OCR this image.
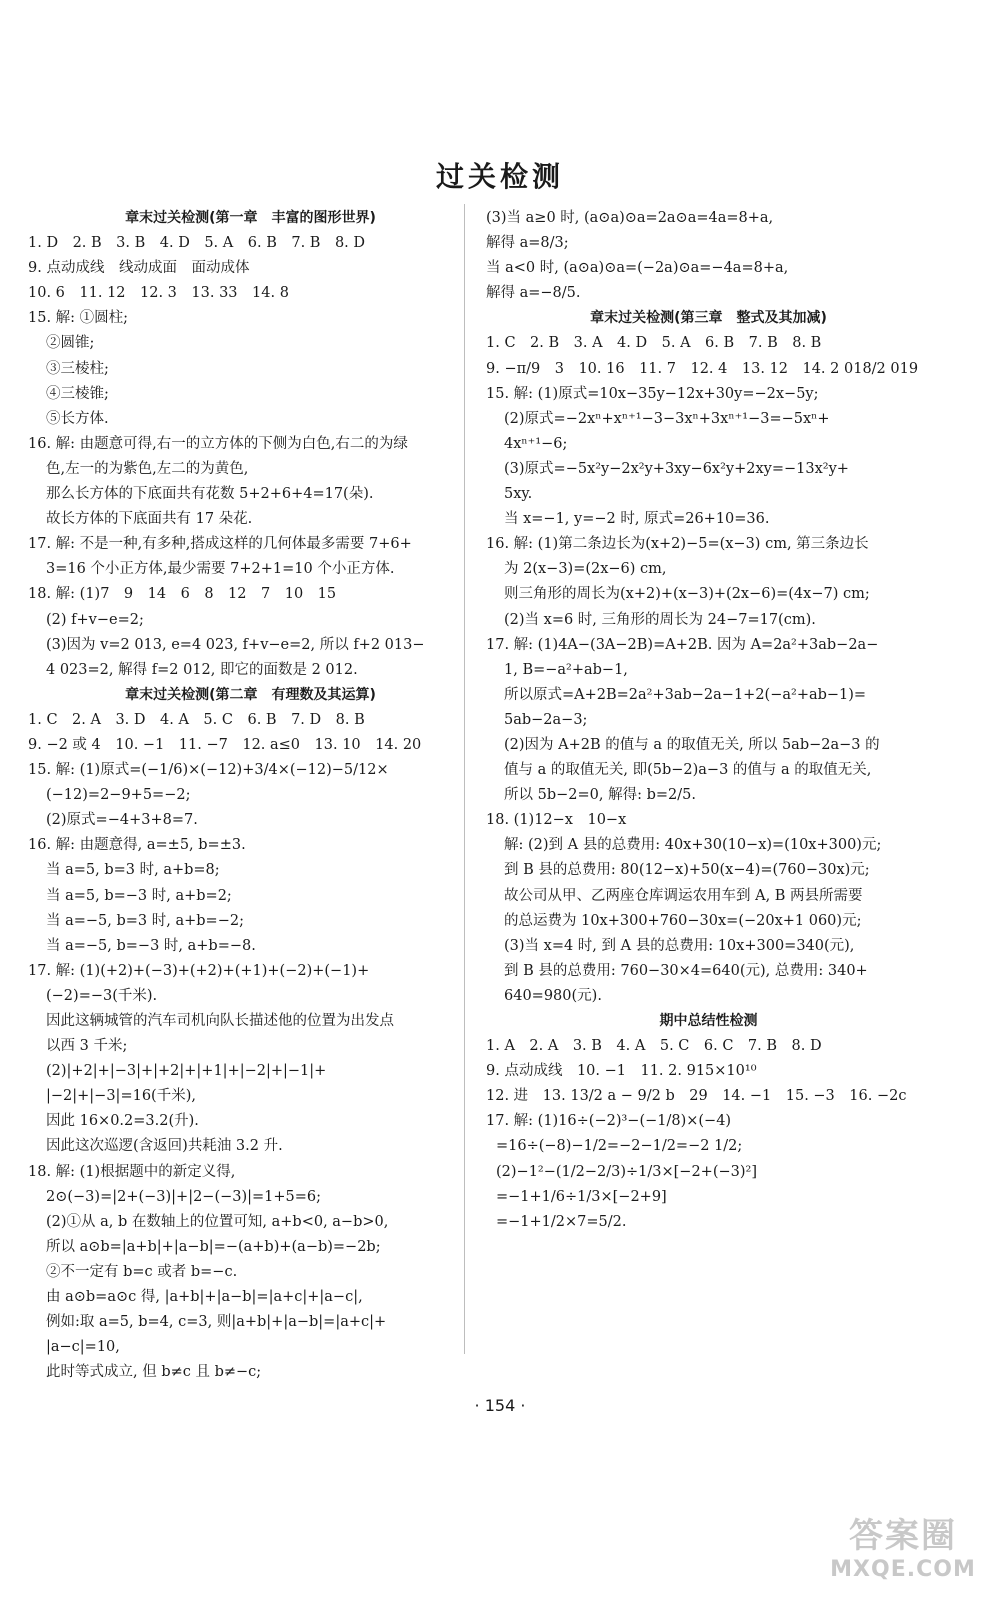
过关检测
章末过关检测(第一章　丰富的图形世界)
1. D　2. B　3. B　4. D　5. A　6. B　7. B　8. D
9. 点动成线　线动成面　面动成体
10. 6　11. 12　12. 3　13. 33　14. 8
15. 解: ①圆柱;
②圆锥;
③三棱柱;
④三棱锥;
⑤长方体.
16. 解: 由题意可得,右一的立方体的下侧为白色,右二的为绿
色,左一的为紫色,左二的为黄色,
那么长方体的下底面共有花数 5+2+6+4=17(朵).
故长方体的下底面共有 17 朵花.
17. 解: 不是一种,有多种,搭成这样的几何体最多需要 7+6+
3=16 个小正方体,最少需要 7+2+1=10 个小正方体.
18. 解: (1)7　9　14　6　8　12　7　10　15
(2) f+v−e=2;
(3)因为 v=2 013, e=4 023, f+v−e=2, 所以 f+2 013−
4 023=2, 解得 f=2 012, 即它的面数是 2 012.
章末过关检测(第二章　有理数及其运算)
1. C　2. A　3. D　4. A　5. C　6. B　7. D　8. B
9. −2 或 4　10. −1　11. −7　12. a≤0　13. 10　14. 20
15. 解: (1)原式=(−1/6)×(−12)+3/4×(−12)−5/12×
(−12)=2−9+5=−2;
(2)原式=−4+3+8=7.
16. 解: 由题意得, a=±5, b=±3.
当 a=5, b=3 时, a+b=8;
当 a=5, b=−3 时, a+b=2;
当 a=−5, b=3 时, a+b=−2;
当 a=−5, b=−3 时, a+b=−8.
17. 解: (1)(+2)+(−3)+(+2)+(+1)+(−2)+(−1)+
(−2)=−3(千米).
因此这辆城管的汽车司机向队长描述他的位置为出发点
以西 3 千米;
(2)|+2|+|−3|+|+2|+|+1|+|−2|+|−1|+
|−2|+|−3|=16(千米),
因此 16×0.2=3.2(升).
因此这次巡逻(含返回)共耗油 3.2 升.
18. 解: (1)根据题中的新定义得,
2⊙(−3)=|2+(−3)|+|2−(−3)|=1+5=6;
(2)①从 a, b 在数轴上的位置可知, a+b<0, a−b>0,
所以 a⊙b=|a+b|+|a−b|=−(a+b)+(a−b)=−2b;
②不一定有 b=c 或者 b=−c.
由 a⊙b=a⊙c 得, |a+b|+|a−b|=|a+c|+|a−c|,
例如:取 a=5, b=4, c=3, 则|a+b|+|a−b|=|a+c|+
|a−c|=10,
此时等式成立, 但 b≠c 且 b≠−c;
(3)当 a≥0 时, (a⊙a)⊙a=2a⊙a=4a=8+a,
解得 a=8/3;
当 a<0 时, (a⊙a)⊙a=(−2a)⊙a=−4a=8+a,
解得 a=−8/5.
章末过关检测(第三章　整式及其加减)
1. C　2. B　3. A　4. D　5. A　6. B　7. B　8. B
9. −π/9　3　10. 16　11. 7　12. 4　13. 12　14. 2 018/2 019
15. 解: (1)原式=10x−35y−12x+30y=−2x−5y;
(2)原式=−2xⁿ+xⁿ⁺¹−3−3xⁿ+3xⁿ⁺¹−3=−5xⁿ+
4xⁿ⁺¹−6;
(3)原式=−5x²y−2x²y+3xy−6x²y+2xy=−13x²y+
5xy.
当 x=−1, y=−2 时, 原式=26+10=36.
16. 解: (1)第二条边长为(x+2)−5=(x−3) cm, 第三条边长
为 2(x−3)=(2x−6) cm,
则三角形的周长为(x+2)+(x−3)+(2x−6)=(4x−7) cm;
(2)当 x=6 时, 三角形的周长为 24−7=17(cm).
17. 解: (1)4A−(3A−2B)=A+2B. 因为 A=2a²+3ab−2a−
1, B=−a²+ab−1,
所以原式=A+2B=2a²+3ab−2a−1+2(−a²+ab−1)=
5ab−2a−3;
(2)因为 A+2B 的值与 a 的取值无关, 所以 5ab−2a−3 的
值与 a 的取值无关, 即(5b−2)a−3 的值与 a 的取值无关,
所以 5b−2=0, 解得: b=2/5.
18. (1)12−x　10−x
解: (2)到 A 县的总费用: 40x+30(10−x)=(10x+300)元;
到 B 县的总费用: 80(12−x)+50(x−4)=(760−30x)元;
故公司从甲、乙两座仓库调运农用车到 A, B 两县所需要
的总运费为 10x+300+760−30x=(−20x+1 060)元;
(3)当 x=4 时, 到 A 县的总费用: 10x+300=340(元),
到 B 县的总费用: 760−30×4=640(元), 总费用: 340+
640=980(元).
期中总结性检测
1. A　2. A　3. B　4. A　5. C　6. C　7. B　8. D
9. 点动成线　10. −1　11. 2. 915×10¹⁰
12. 进　13. 13/2 a − 9/2 b　29　14. −1　15. −3　16. −2c
17. 解: (1)16÷(−2)³−(−1/8)×(−4)
=16÷(−8)−1/2=−2−1/2=−2 1/2;
(2)−1²−(1/2−2/3)÷1/3×[−2+(−3)²]
=−1+1/6÷1/3×[−2+9]
=−1+1/2×7=5/2.
· 154 ·
答案圈
MXQE.COM
